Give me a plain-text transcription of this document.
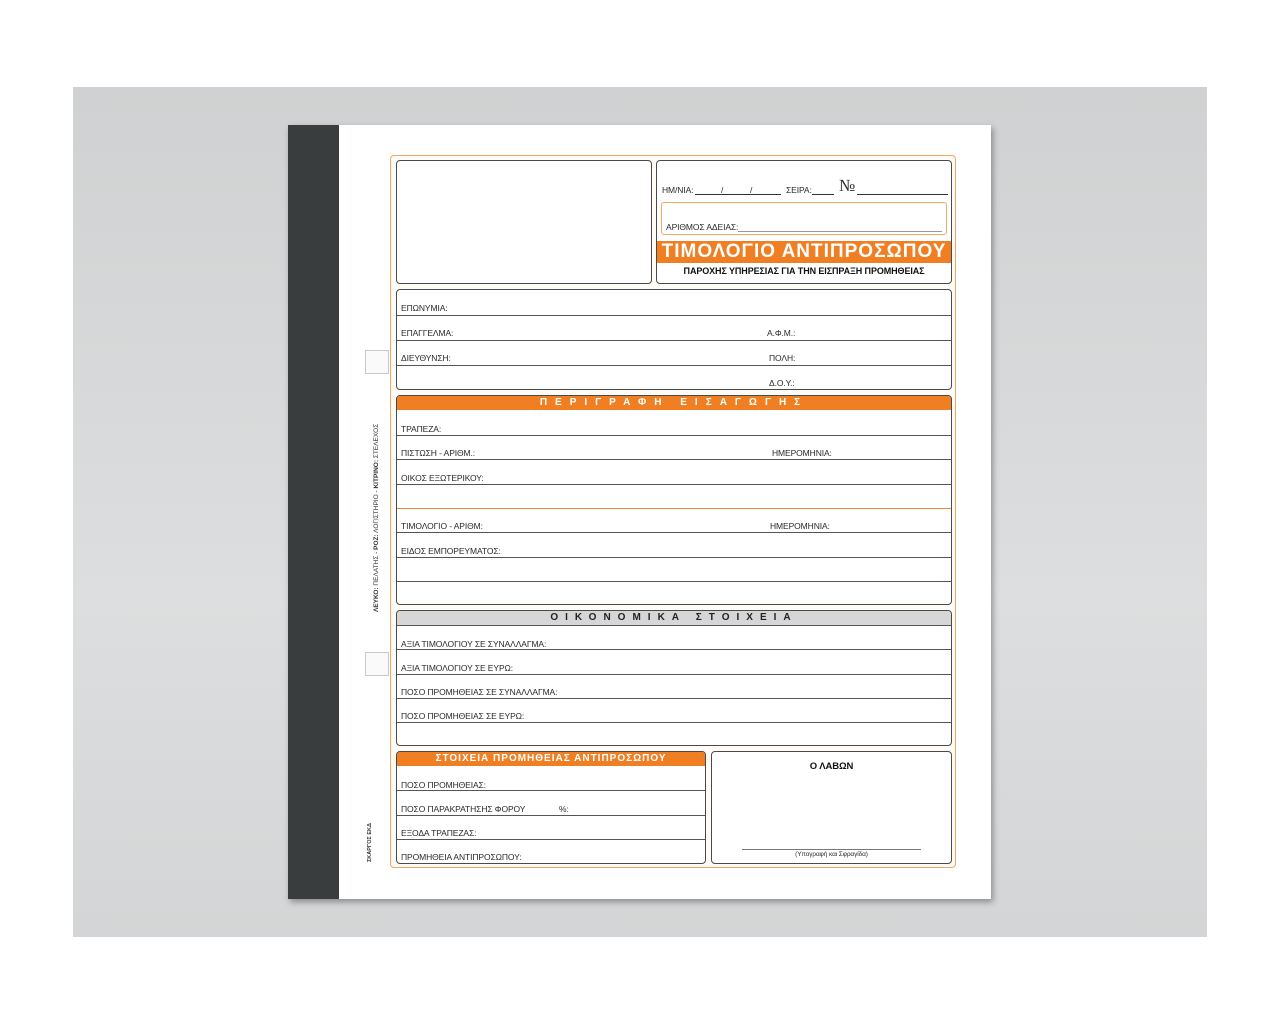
ΛΕΥΚΟ: ΠΕΛΑΤΗΣ - ΡΟΖ: ΛΟΓΙΣΤΗΡΙΟ - ΚΙΤΡΙΝΟ: ΣΤΕΛΕΧΟΣ
ΣΚΑΡΓΟΣ ΕΚΔ
ΗΜ/ΝΙΑ:	/	/	ΣΕΙΡΑ: №
ΑΡΙΘΜΟΣ ΑΔΕΙΑΣ:
ΤΙΜΟΛΟΓΙΟ ΑΝΤΙΠΡΟΣΩΠΟΥ
ΠΑΡΟΧΗΣ ΥΠΗΡΕΣΙΑΣ ΓΙΑ ΤΗΝ ΕΙΣΠΡΑΞΗ ΠΡΟΜΗΘΕΙΑΣ
ΕΠΩΝΥΜΙΑ:
ΕΠΑΓΓΕΛΜΑ:	Α.Φ.Μ.:
ΔΙΕΥΘΥΝΣΗ:	ΠΟΛΗ:
Δ.Ο.Υ.:
ΠΕΡΙΓΡΑΦΗ ΕΙΣΑΓΩΓΗΣ
ΤΡΑΠΕΖΑ:
ΠΙΣΤΩΣΗ - ΑΡΙΘΜ.:	ΗΜΕΡΟΜΗΝΙΑ:
ΟΙΚΟΣ ΕΞΩΤΕΡΙΚΟΥ:
ΤΙΜΟΛΟΓΙΟ - ΑΡΙΘΜ:	ΗΜΕΡΟΜΗΝΙΑ:
ΕΙΔΟΣ ΕΜΠΟΡΕΥΜΑΤΟΣ:
ΟΙΚΟΝΟΜΙΚΑ ΣΤΟΙΧΕΙΑ
ΑΞΙΑ ΤΙΜΟΛΟΓΙΟΥ ΣΕ ΣΥΝΑΛΛΑΓΜΑ:
ΑΞΙΑ ΤΙΜΟΛΟΓΙΟΥ ΣΕ ΕΥΡΩ:
ΠΟΣΟ ΠΡΟΜΗΘΕΙΑΣ ΣΕ ΣΥΝΑΛΛΑΓΜΑ:
ΠΟΣΟ ΠΡΟΜΗΘΕΙΑΣ ΣΕ ΕΥΡΩ:
ΣΤΟΙΧΕΙΑ ΠΡΟΜΗΘΕΙΑΣ ΑΝΤΙΠΡΟΣΩΠΟΥ
ΠΟΣΟ ΠΡΟΜΗΘΕΙΑΣ:
ΠΟΣΟ ΠΑΡΑΚΡΑΤΗΣΗΣ ΦΟΡΟΥ	%:
ΕΞΟΔΑ ΤΡΑΠΕΖΑΣ:
ΠΡΟΜΗΘΕΙΑ ΑΝΤΙΠΡΟΣΩΠΟΥ:
Ο ΛΑΒΩΝ
(Υπογραφή και Σφραγίδα)
